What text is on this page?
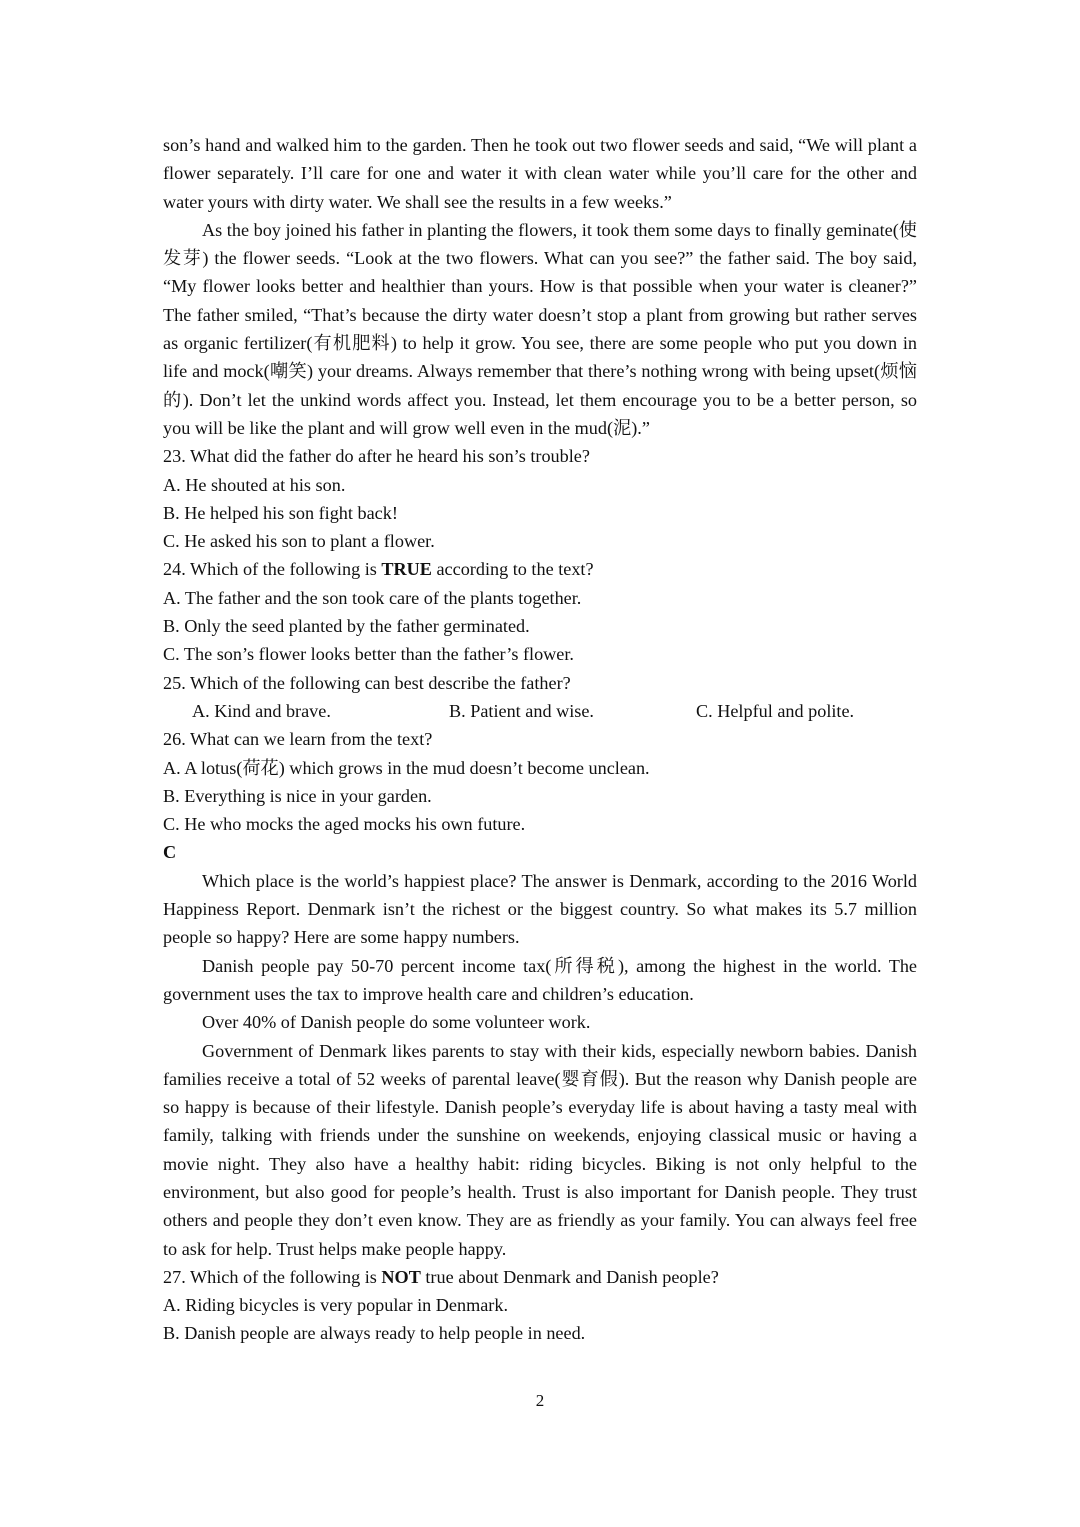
son’s hand and walked him to the garden. Then he took out two flower seeds and said, “We will plant a flower separately. I’ll care for one and water it with clean water while you’ll care for the other and water yours with dirty water. We shall see the results in a few weeks.”

As the boy joined his father in planting the flowers, it took them some days to finally geminate(使发芽) the flower seeds. “Look at the two flowers. What can you see?” the father said. The boy said, “My flower looks better and healthier than yours. How is that possible when your water is cleaner?” The father smiled, “That’s because the dirty water doesn’t stop a plant from growing but rather serves as organic fertilizer(有机肥料) to help it grow. You see, there are some people who put you down in life and mock(嘲笑) your dreams. Always remember that there’s nothing wrong with being upset(烦恼的). Don’t let the unkind words affect you. Instead, let them encourage you to be a better person, so you will be like the plant and will grow well even in the mud(泥).”

23. What did the father do after he heard his son’s trouble?

A. He shouted at his son.

B. He helped his son fight back!

C. He asked his son to plant a flower.

24. Which of the following is TRUE according to the text?

A. The father and the son took care of the plants together.

B. Only the seed planted by the father germinated.

C. The son’s flower looks better than the father’s flower.

25. Which of the following can best describe the father?

A. Kind and brave.	B. Patient and wise.	C. Helpful and polite.

26. What can we learn from the text?

A. A lotus(荷花) which grows in the mud doesn’t become unclean.

B. Everything is nice in your garden.

C. He who mocks the aged mocks his own future.

C

Which place is the world’s happiest place? The answer is Denmark, according to the 2016 World Happiness Report. Denmark isn’t the richest or the biggest country. So what makes its 5.7 million people so happy? Here are some happy numbers.

Danish people pay 50-70 percent income tax(所得税), among the highest in the world. The government uses the tax to improve health care and children’s education.

Over 40% of Danish people do some volunteer work.

Government of Denmark likes parents to stay with their kids, especially newborn babies. Danish families receive a total of 52 weeks of parental leave(婴育假). But the reason why Danish people are so happy is because of their lifestyle. Danish people’s everyday life is about having a tasty meal with family, talking with friends under the sunshine on weekends, enjoying classical music or having a movie night. They also have a healthy habit: riding bicycles. Biking is not only helpful to the environment, but also good for people’s health. Trust is also important for Danish people. They trust others and people they don’t even know. They are as friendly as your family. You can always feel free to ask for help. Trust helps make people happy.

27. Which of the following is NOT true about Denmark and Danish people?

A. Riding bicycles is very popular in Denmark.

B. Danish people are always ready to help people in need.

2
